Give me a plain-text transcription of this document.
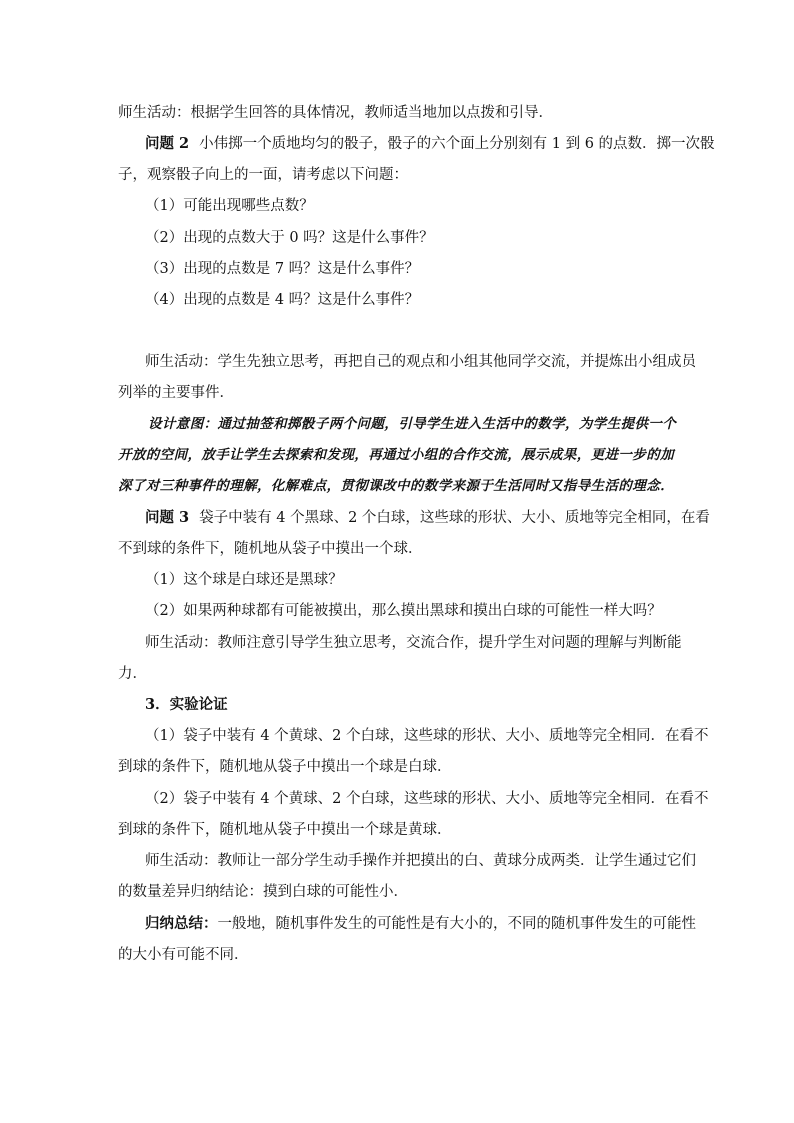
师生活动：根据学生回答的具体情况，教师适当地加以点拨和引导．
问题 2 小伟掷一个质地均匀的骰子，骰子的六个面上分别刻有 1 到 6 的点数．掷一次骰
子，观察骰子向上的一面，请考虑以下问题：
（1）可能出现哪些点数？
（2）出现的点数大于 0 吗？这是什么事件？
（3）出现的点数是 7 吗？这是什么事件？
（4）出现的点数是 4 吗？这是什么事件？
师生活动：学生先独立思考，再把自己的观点和小组其他同学交流，并提炼出小组成员
列举的主要事件．
设计意图：通过抽签和掷骰子两个问题，引导学生进入生活中的数学，为学生提供一个
开放的空间，放手让学生去探索和发现，再通过小组的合作交流，展示成果，更进一步的加
深了对三种事件的理解，化解难点，贯彻课改中的数学来源于生活同时又指导生活的理念．
问题 3 袋子中装有 4 个黑球、2 个白球，这些球的形状、大小、质地等完全相同，在看
不到球的条件下，随机地从袋子中摸出一个球．
（1）这个球是白球还是黑球？
（2）如果两种球都有可能被摸出，那么摸出黑球和摸出白球的可能性一样大吗？
师生活动：教师注意引导学生独立思考，交流合作，提升学生对问题的理解与判断能
力．
3．实验论证
（1）袋子中装有 4 个黄球、2 个白球，这些球的形状、大小、质地等完全相同．在看不
到球的条件下，随机地从袋子中摸出一个球是白球．
（2）袋子中装有 4 个黄球、2 个白球，这些球的形状、大小、质地等完全相同．在看不
到球的条件下，随机地从袋子中摸出一个球是黄球．
师生活动：教师让一部分学生动手操作并把摸出的白、黄球分成两类．让学生通过它们
的数量差异归纳结论：摸到白球的可能性小．
归纳总结：一般地，随机事件发生的可能性是有大小的，不同的随机事件发生的可能性
的大小有可能不同．
